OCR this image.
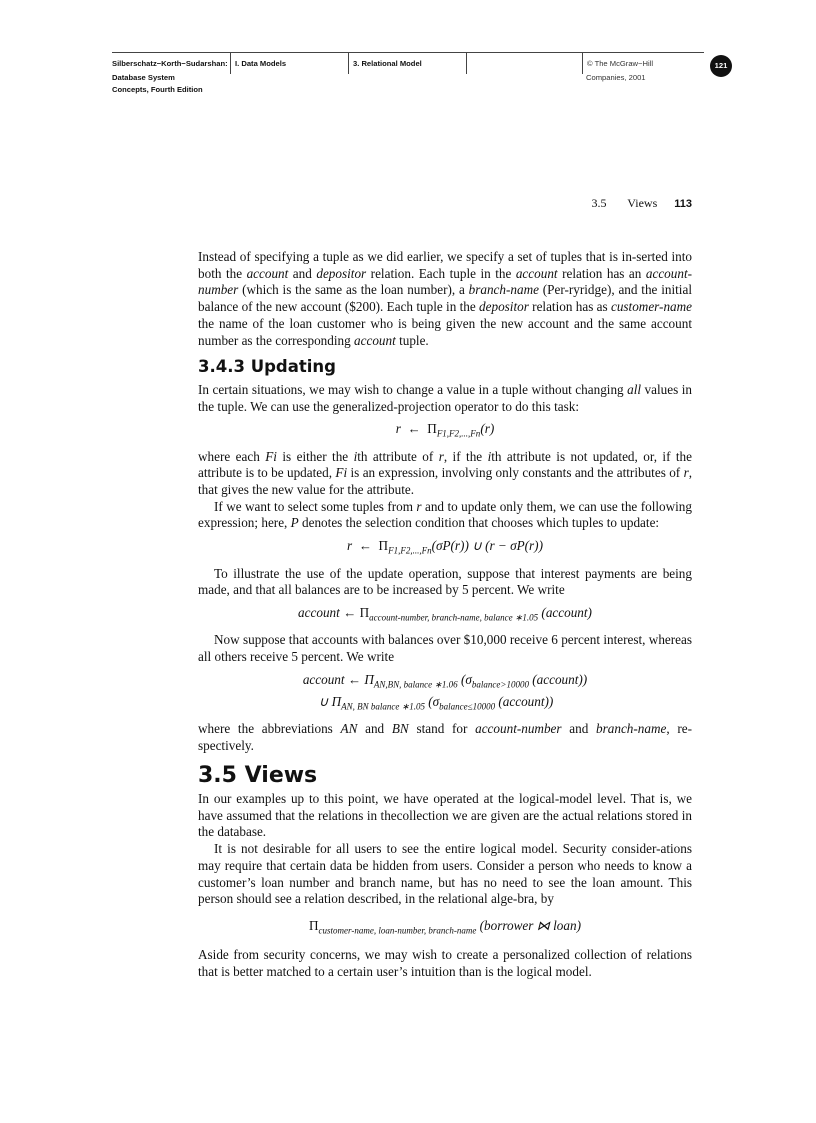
Silberschatz−Korth−Sudarshan: I. Data Models	3. Relational Model	© The McGraw−Hill
Database System
Concepts, Fourth Edition
Companies, 2001
121
3.5 Views 113

Instead of specifying a tuple as we did earlier, we specify a set of tuples that is in-serted into both the account and depositor relation. Each tuple in the account relation has an account-number (which is the same as the loan number), a branch-name (Per-ryridge), and the initial balance of the new account ($200). Each tuple in the depositor relation has as customer-name the name of the loan customer who is being given the new account and the same account number as the corresponding account tuple.

3.4.3 Updating

In certain situations, we may wish to change a value in a tuple without changing all values in the tuple. We can use the generalized-projection operator to do this task:

r ← $\Pi_{F1,F2,...,Fn}(r)$

where each Fi is either the ith attribute of r, if the ith attribute is not updated, or, if the attribute is to be updated, Fi is an expression, involving only constants and the attributes of r, that gives the new value for the attribute.

If we want to select some tuples from r and to update only them, we can use the following expression; here, P denotes the selection condition that chooses which tuples to update:

r ← $\Pi_{F1,F2,...,Fn}(\sigma P(r))$ ∪ (r − σP(r))

To illustrate the use of the update operation, suppose that interest payments are being made, and that all balances are to be increased by 5 percent. We write

account ← $\Pi_{account-number, branch-name, balance ∗1.05}$ (account)

Now suppose that accounts with balances over $10,000 receive 6 percent interest, whereas all others receive 5 percent. We write

account ← $\Pi_{AN,BN, balance ∗1.06}$ ($\sigma_{balance>10000}$ (account))
∪ $\Pi_{AN, BN balance ∗1.05}$ ($\sigma_{balance\le 10000}$ (account))

where the abbreviations AN and BN stand for account-number and branch-name, re-spectively.

3.5 Views

In our examples up to this point, we have operated at the logical-model level. That is, we have assumed that the relations in thecollection we are given are the actual relations stored in the database.

It is not desirable for all users to see the entire logical model. Security consider-ations may require that certain data be hidden from users. Consider a person who needs to know a customer’s loan number and branch name, but has no need to see the loan amount. This person should see a relation described, in the relational alge-bra, by

$\Pi_{customer-name, loan-number, branch-name}$ (borrower ⋈ loan)

Aside from security concerns, we may wish to create a personalized collection of relations that is better matched to a certain user’s intuition than is the logical model.
